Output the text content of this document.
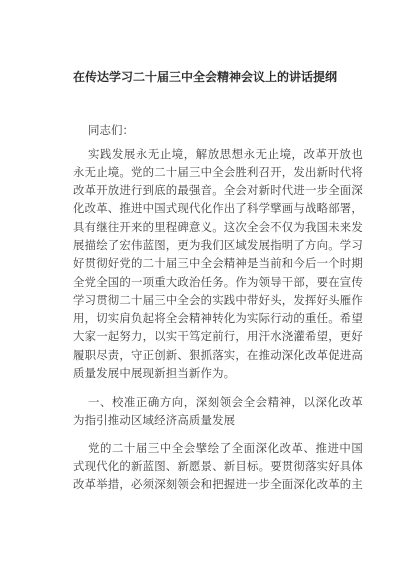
在传达学习二十届三中全会精神会议上的讲话提纲
同志们：
实践发展永无止境，解放思想永无止境，改革开放也
永无止境。党的二十届三中全会胜利召开，发出新时代将
改革开放进行到底的最强音。全会对新时代进一步全面深
化改革、推进中国式现代化作出了科学擘画与战略部署，
具有继往开来的里程碑意义。这次全会不仅为我国未来发
展描绘了宏伟蓝图，更为我们区域发展指明了方向。学习
好贯彻好党的二十届三中全会精神是当前和今后一个时期
全党全国的一项重大政治任务。作为领导干部，要在宣传
学习贯彻二十届三中全会的实践中带好头，发挥好头雁作
用，切实肩负起将全会精神转化为实际行动的重任。希望
大家一起努力，以实干笃定前行，用汗水浇灌希望，更好
履职尽责，守正创新、狠抓落实，在推动深化改革促进高
质量发展中展现新担当新作为。
一、校准正确方向，深刻领会全会精神，以深化改革
为指引推动区域经济高质量发展
党的二十届三中全会擘绘了全面深化改革、推进中国
式现代化的新蓝图、新愿景、新目标。要贯彻落实好具体
改革举措，必须深刻领会和把握进一步全面深化改革的主
